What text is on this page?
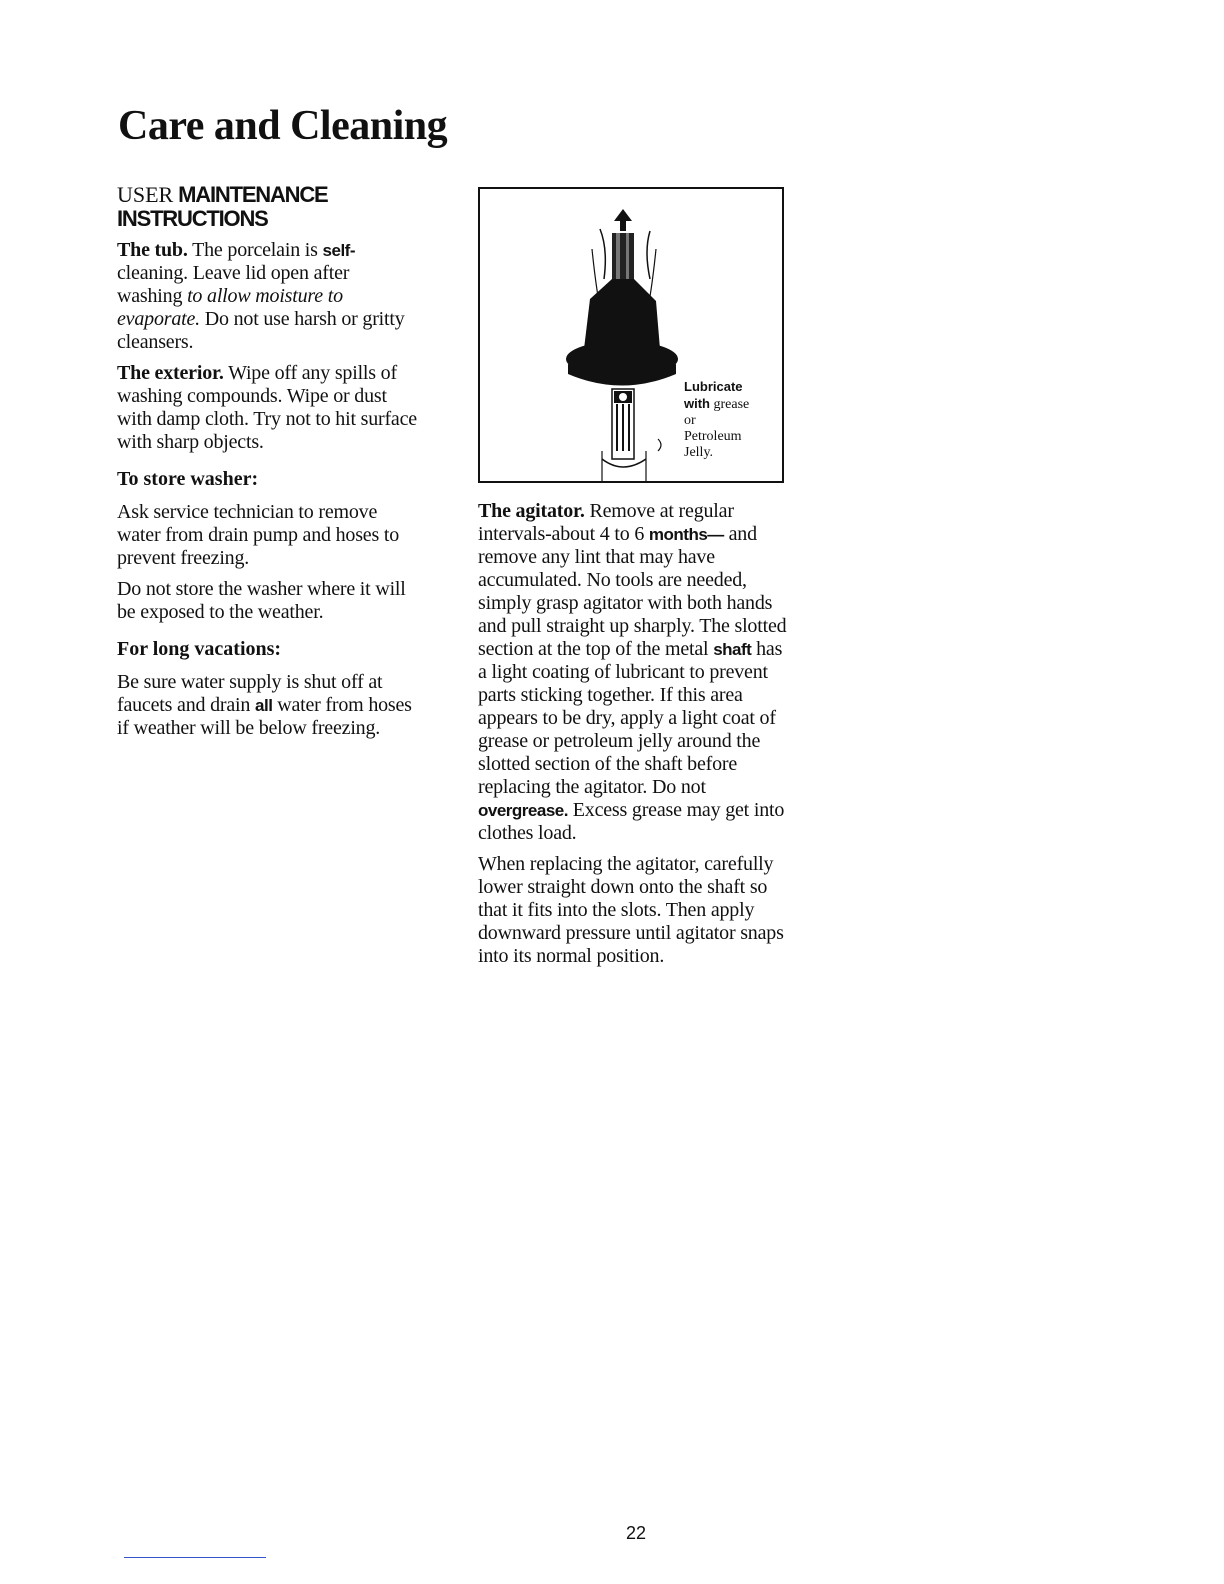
Care and Cleaning
USER MAINTENANCE
INSTRUCTIONS

The tub. The porcelain is self-cleaning. Leave lid open after washing to allow moisture to evaporate. Do not use harsh or gritty cleansers.

The exterior. Wipe off any spills of washing compounds. Wipe or dust with damp cloth. Try not to hit surface with sharp objects.

To store washer:

Ask service technician to remove water from drain pump and hoses to prevent freezing.

Do not store the washer where it will be exposed to the weather.

For long vacations:

Be sure water supply is shut off at faucets and drain all water from hoses if weather will be below freezing.

Lubricate
with grease
or
Petroleum
Jelly.

The agitator. Remove at regular intervals-about 4 to 6 months— and remove any lint that may have accumulated. No tools are needed, simply grasp agitator with both hands and pull straight up sharply. The slotted section at the top of the metal shaft has a light coating of lubricant to prevent parts sticking together. If this area appears to be dry, apply a light coat of grease or petroleum jelly around the slotted section of the shaft before replacing the agitator. Do not overgrease. Excess grease may get into clothes load.

When replacing the agitator, carefully lower straight down onto the shaft so that it fits into the slots. Then apply downward pressure until agitator snaps into its normal position.

22
